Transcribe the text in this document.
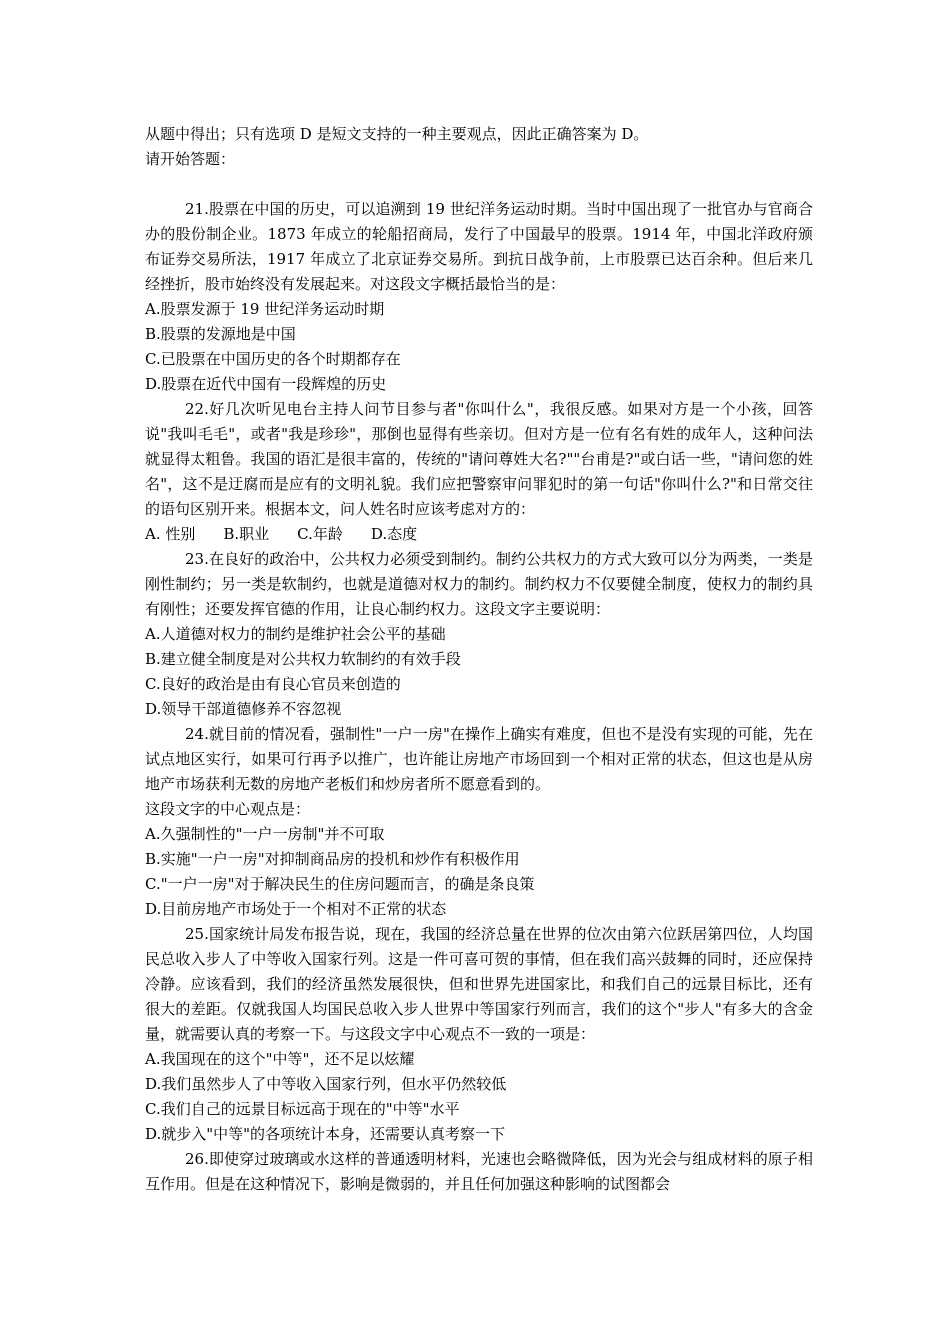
从题中得出；只有选项 D 是短文支持的一种主要观点，因此正确答案为 D。
请开始答题：
21.股票在中国的历史，可以追溯到 19 世纪洋务运动时期。当时中国出现了一批官办与官商合办的股份制企业。1873 年成立的轮船招商局，发行了中国最早的股票。1914 年，中国北洋政府颁布证券交易所法，1917 年成立了北京证券交易所。到抗日战争前，上市股票已达百余种。但后来几经挫折，股市始终没有发展起来。对这段文字概括最恰当的是：
A.股票发源于 19 世纪洋务运动时期
B.股票的发源地是中国
C.已股票在中国历史的各个时期都存在
D.股票在近代中国有一段辉煌的历史
22.好几次听见电台主持人问节目参与者"你叫什么"，我很反感。如果对方是一个小孩，回答说"我叫毛毛"，或者"我是珍珍"，那倒也显得有些亲切。但对方是一位有名有姓的成年人，这种问法就显得太粗鲁。我国的语汇是很丰富的，传统的"请问尊姓大名?""台甫是?"或白话一些，"请问您的姓名"，这不是迂腐而是应有的文明礼貌。我们应把警察审问罪犯时的第一句话"你叫什么?"和日常交往的语句区别开来。根据本文，问人姓名时应该考虑对方的：
A. 性别 B.职业 C.年龄 D.态度
23.在良好的政治中，公共权力必须受到制约。制约公共权力的方式大致可以分为两类，一类是刚性制约；另一类是软制约，也就是道德对权力的制约。制约权力不仅要健全制度，使权力的制约具有刚性；还要发挥官德的作用，让良心制约权力。这段文字主要说明：
A.人道德对权力的制约是维护社会公平的基础
B.建立健全制度是对公共权力软制约的有效手段
C.良好的政治是由有良心官员来创造的
D.领导干部道德修养不容忽视
24.就目前的情况看，强制性"一户一房"在操作上确实有难度，但也不是没有实现的可能，先在试点地区实行，如果可行再予以推广，也许能让房地产市场回到一个相对正常的状态，但这也是从房地产市场获利无数的房地产老板们和炒房者所不愿意看到的。
这段文字的中心观点是：
A.久强制性的"一户一房制"并不可取
B.实施"一户一房"对抑制商品房的投机和炒作有积极作用
C."一户一房"对于解决民生的住房问题而言，的确是条良策
D.目前房地产市场处于一个相对不正常的状态
25.国家统计局发布报告说，现在，我国的经济总量在世界的位次由第六位跃居第四位，人均国民总收入步人了中等收入国家行列。这是一件可喜可贺的事情，但在我们高兴鼓舞的同时，还应保持冷静。应该看到，我们的经济虽然发展很快，但和世界先进国家比，和我们自己的远景目标比，还有很大的差距。仅就我国人均国民总收入步人世界中等国家行列而言，我们的这个"步人"有多大的含金量，就需要认真的考察一下。与这段文字中心观点不一致的一项是：
A.我国现在的这个"中等"，还不足以炫耀
D.我们虽然步人了中等收入国家行列，但水平仍然较低
C.我们自己的远景目标远高于现在的"中等"水平
D.就步入"中等"的各项统计本身，还需要认真考察一下
26.即使穿过玻璃或水这样的普通透明材料，光速也会略微降低，因为光会与组成材料的原子相互作用。但是在这种情况下，影响是微弱的，并且任何加强这种影响的试图都会
